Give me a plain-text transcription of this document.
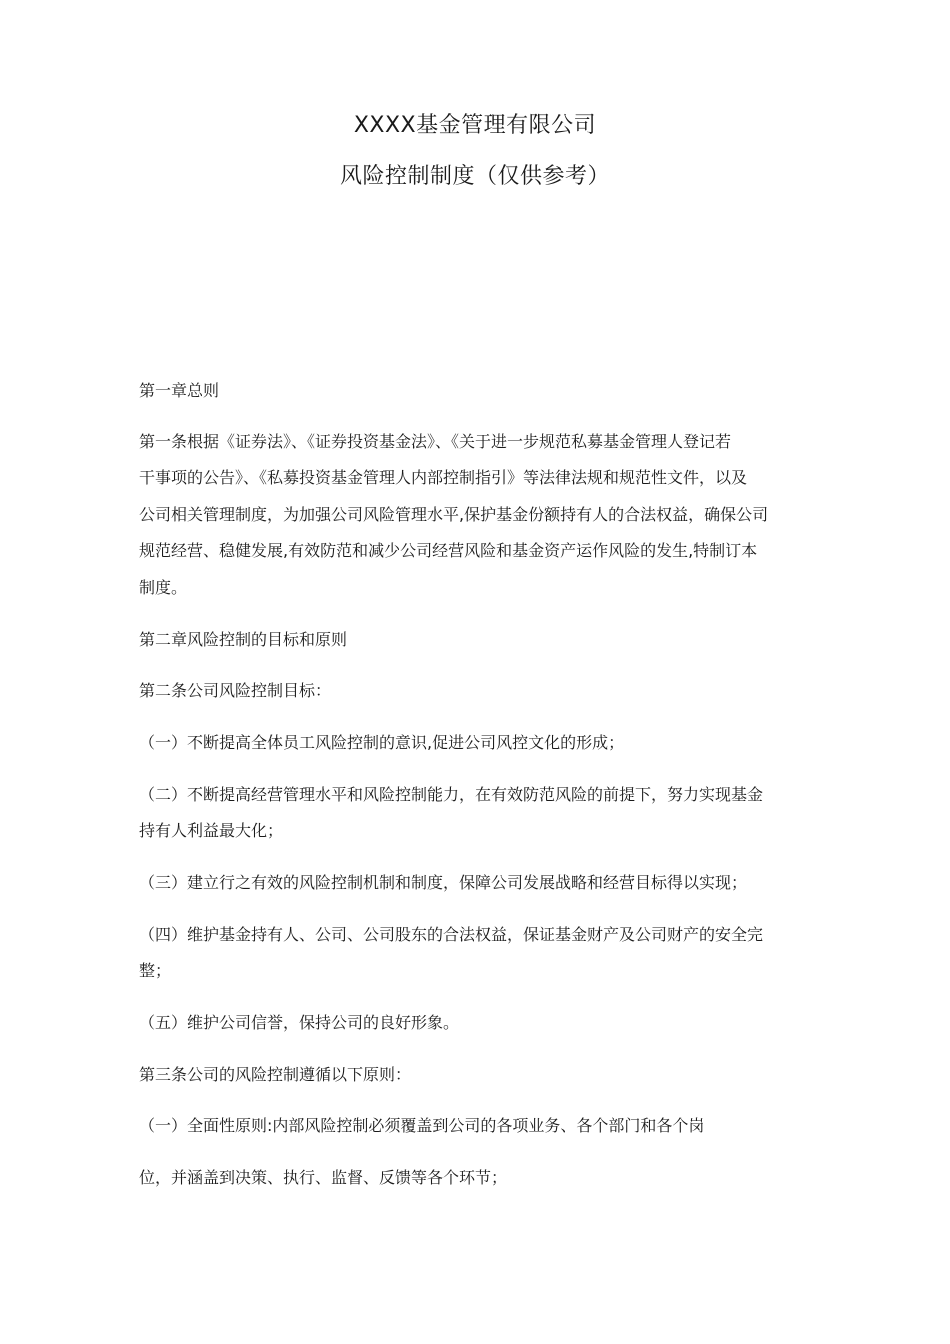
XXXX基金管理有限公司
风险控制制度（仅供参考）
第一章总则
第一条根据《证券法》、《证券投资基金法》、《关于进一步规范私募基金管理人登记若
干事项的公告》、《私募投资基金管理人内部控制指引》等法律法规和规范性文件，以及
公司相关管理制度，为加强公司风险管理水平,保护基金份额持有人的合法权益，确保公司
规范经营、稳健发展,有效防范和减少公司经营风险和基金资产运作风险的发生,特制订本
制度。
第二章风险控制的目标和原则
第二条公司风险控制目标：
（一）不断提高全体员工风险控制的意识,促进公司风控文化的形成；
（二）不断提高经营管理水平和风险控制能力，在有效防范风险的前提下，努力实现基金
持有人利益最大化；
（三）建立行之有效的风险控制机制和制度，保障公司发展战略和经营目标得以实现；
（四）维护基金持有人、公司、公司股东的合法权益，保证基金财产及公司财产的安全完
整；
（五）维护公司信誉，保持公司的良好形象。
第三条公司的风险控制遵循以下原则：
（一）全面性原则:内部风险控制必须覆盖到公司的各项业务、各个部门和各个岗
位，并涵盖到决策、执行、监督、反馈等各个环节；
